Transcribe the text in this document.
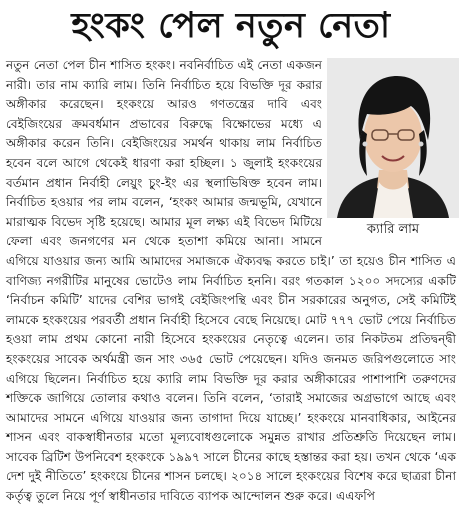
হংকং পেল নতুন নেতা
ক্যারি লাম
নতুন নেতা পেল চীন শাসিত হংকং। নবনির্বাচিত এই নেতা একজন নারী। তার নাম ক্যারি লাম। তিনি নির্বাচিত হয়ে বিভক্তি দূর করার অঙ্গীকার করেছেন। হংকংয়ে আরও গণতন্ত্রের দাবি এবং বেইজিংয়ের ক্রমবর্ধমান প্রভাবের বিরুদ্ধে বিক্ষোভের মধ্যে এ অঙ্গীকার করেন তিনি। বেইজিংয়ের সমর্থন থাকায় লাম নির্বাচিত হবেন বলে আগে থেকেই ধারণা করা হচ্ছিল। ১ জুলাই হংকংয়ের বর্তমান প্রধান নির্বাহী লেয়ুং চুং-ইং এর স্থলাভিষিক্ত হবেন লাম। নির্বাচিত হওয়ার পর লাম বলেন, ‘হংকং আমার জন্মভূমি, যেখানে মারাত্মক বিভেদ সৃষ্টি হয়েছে। আমার মূল লক্ষ্য এই বিভেদ মিটিয়ে ফেলা এবং জনগণের মন থেকে হতাশা কমিয়ে আনা। সামনে এগিয়ে যাওয়ার জন্য আমি আমাদের সমাজকে ঐক্যবদ্ধ করতে চাই।’ তা হয়েও চীন শাসিত এ বাণিজ্য নগরীটির মানুষের ভোটেও লাম নির্বাচিত হননি। বরং গতকাল ১২০০ সদস্যের একটি ‘নির্বাচন কমিটি’ যাদের বেশির ভাগই বেইজিংপন্থি এবং চীন সরকারের অনুগত, সেই কমিটিই লামকে হংকংয়ের পরবর্তী প্রধান নির্বাহী হিসেবে বেছে নিয়েছে। মোট ৭৭৭ ভোট পেয়ে নির্বাচিত হওয়া লাম প্রথম কোনো নারী হিসেবে হংকংয়ের নেতৃত্বে এলেন। তার নিকটতম প্রতিদ্বন্দ্বী হংকংয়ের সাবেক অর্থমন্ত্রী জন সাং ৩৬৫ ভোট পেয়েছেন। যদিও জনমত জরিপগুলোতে সাং এগিয়ে ছিলেন। নির্বাচিত হয়ে ক্যারি লাম বিভক্তি দূর করার অঙ্গীকারের পাশাপাশি তরুণদের শক্তিকে জাগিয়ে তোলার কথাও বলেন। তিনি বলেন, ‘তারাই সমাজের অগ্রভাগে আছে এবং আমাদের সামনে এগিয়ে যাওয়ার জন্য তাগাদা দিয়ে যাচ্ছে।’ হংকংয়ে মানবাধিকার, আইনের শাসন এবং বাকস্বাধীনতার মতো মূল্যবোধগুলোকে সমুন্নত রাখার প্রতিশ্রুতি দিয়েছেন লাম। সাবেক ব্রিটিশ উপনিবেশ হংকংকে ১৯৯৭ সালে চীনের কাছে হস্তান্তর করা হয়। তখন থেকে ‘এক দেশ দুই নীতিতে’ হংকংয়ে চীনের শাসন চলছে। ২০১৪ সালে হংকংয়ের বিশেষ করে ছাত্ররা চীনা কর্তৃত্ব তুলে নিয়ে পূর্ণ স্বাধীনতার দাবিতে ব্যাপক আন্দোলন শুরু করে। এএফপি
